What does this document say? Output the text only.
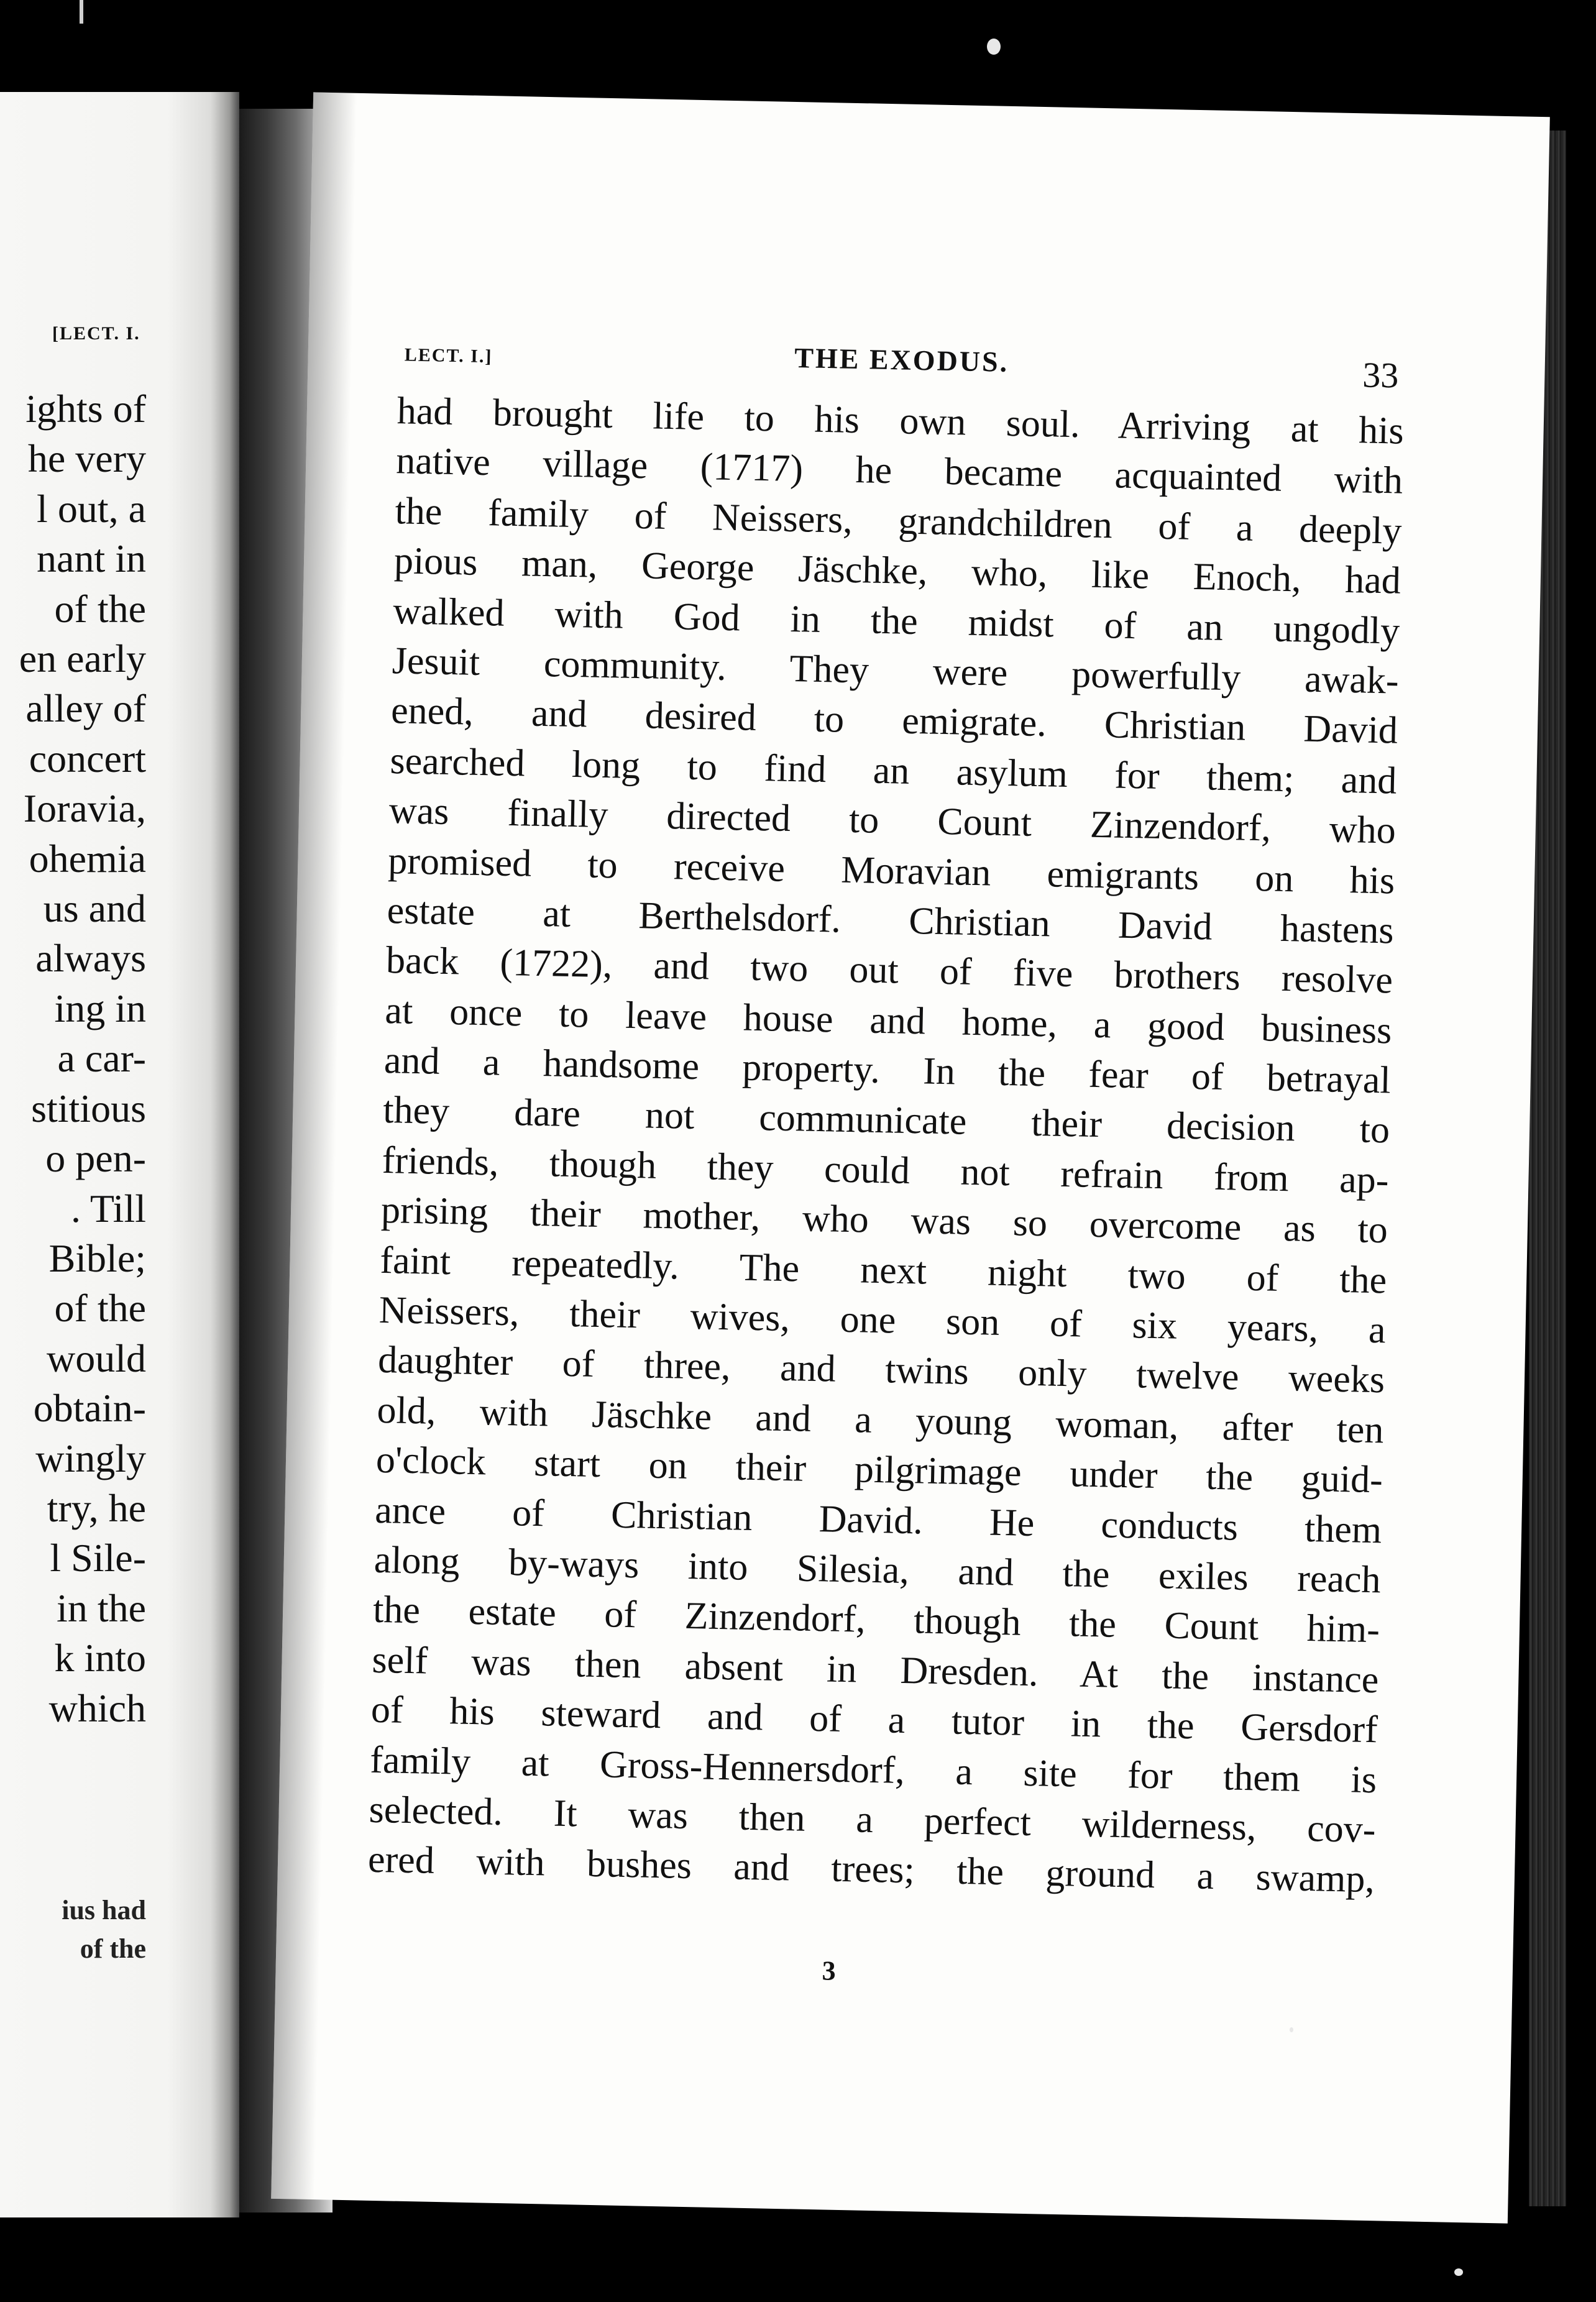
[LECT. I.
ights of
he very
l out, a
nant in
of the
en early
alley of
concert
Ioravia,
ohemia
us and
always
ing in
a car-
stitious
o pen-
. Till
Bible;
of the
would
obtain-
wingly
try, he
l Sile-
in the
k into
which
ius had
of the
LECT. I.]	THE EXODUS.	33
had brought life to his own soul. Arriving at his
native village (1717) he became acquainted with
the family of Neissers, grandchildren of a deeply
pious man, George Jäschke, who, like Enoch, had
walked with God in the midst of an ungodly
Jesuit community. They were powerfully awak-
ened, and desired to emigrate. Christian David
searched long to find an asylum for them; and
was finally directed to Count Zinzendorf, who
promised to receive Moravian emigrants on his
estate at Berthelsdorf. Christian David hastens
back (1722), and two out of five brothers resolve
at once to leave house and home, a good business
and a handsome property. In the fear of betrayal
they dare not communicate their decision to
friends, though they could not refrain from ap-
prising their mother, who was so overcome as to
faint repeatedly. The next night two of the
Neissers, their wives, one son of six years, a
daughter of three, and twins only twelve weeks
old, with Jäschke and a young woman, after ten
o'clock start on their pilgrimage under the guid-
ance of Christian David. He conducts them
along by-ways into Silesia, and the exiles reach
the estate of Zinzendorf, though the Count him-
self was then absent in Dresden. At the instance
of his steward and of a tutor in the Gersdorf
family at Gross-Hennersdorf, a site for them is
selected. It was then a perfect wilderness, cov-
ered with bushes and trees; the ground a swamp,
3
